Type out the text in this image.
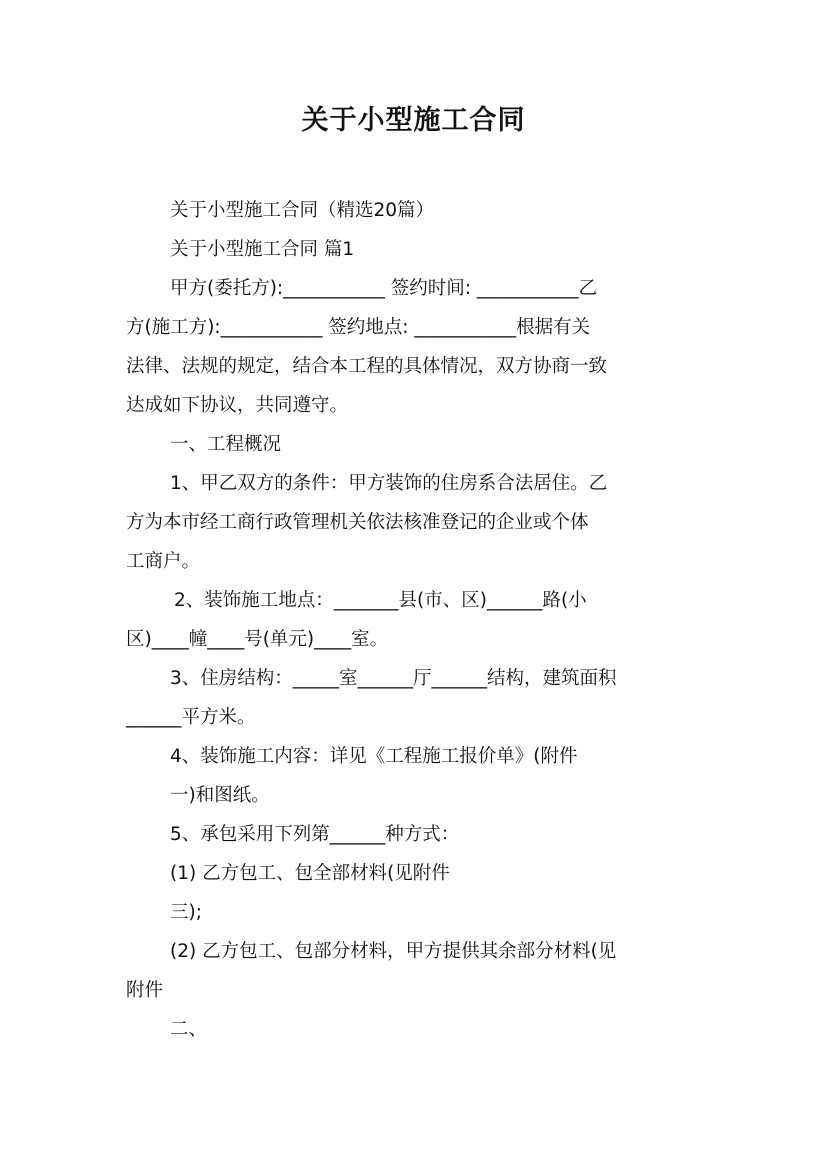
关于小型施工合同
关于小型施工合同（精选20篇）
关于小型施工合同 篇1
甲方(委托方):___________ 签约时间: ___________乙
方(施工方):___________ 签约地点: ___________根据有关
法律、法规的规定，结合本工程的具体情况，双方协商一致
达成如下协议，共同遵守。
一、工程概况
1、甲乙双方的条件：甲方装饰的住房系合法居住。乙
方为本市经工商行政管理机关依法核准登记的企业或个体
工商户。
2、装饰施工地点：_______县(市、区)______路(小
区)____幢____号(单元)____室。
3、住房结构：_____室______厅______结构，建筑面积
______平方米。
4、装饰施工内容：详见《工程施工报价单》(附件
一)和图纸。
5、承包采用下列第______种方式：
(1) 乙方包工、包全部材料(见附件
三);
(2) 乙方包工、包部分材料，甲方提供其余部分材料(见
附件
二、
